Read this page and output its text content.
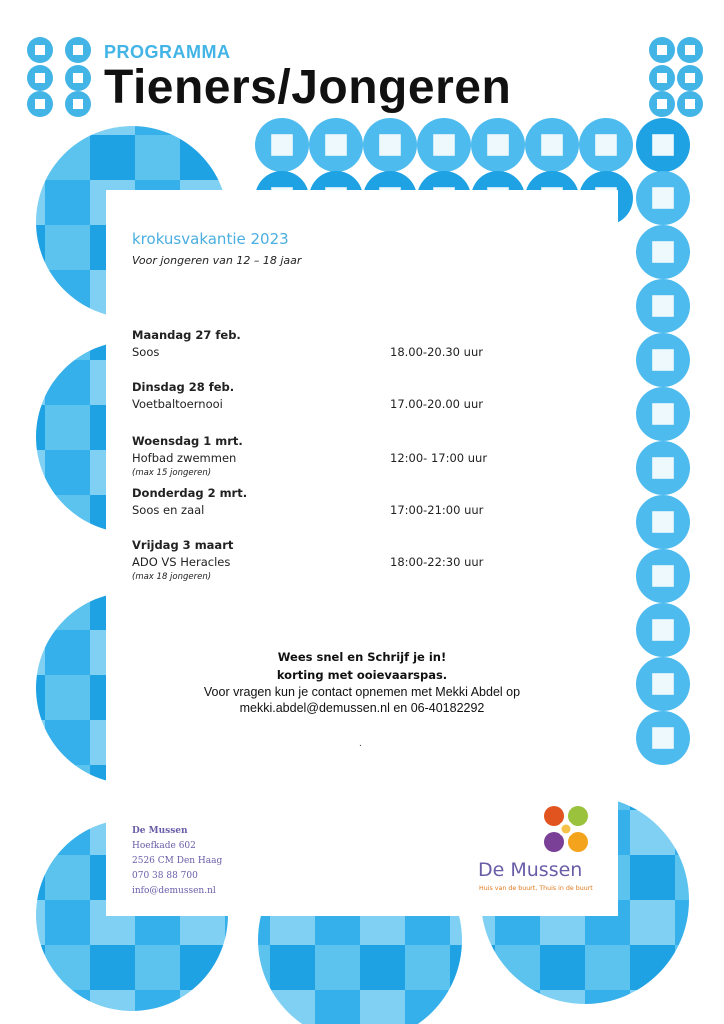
PROGRAMMA
Tieners/Jongeren
krokusvakantie 2023
Voor jongeren van 12 – 18 jaar
Maandag 27 feb.
Soos	18.00-20.30 uur
Dinsdag 28 feb.
Voetbaltoernooi	17.00-20.00 uur
Woensdag 1 mrt.
Hofbad zwemmen	12:00- 17:00 uur
(max 15 jongeren)
Donderdag 2 mrt.
Soos en zaal	17:00-21:00 uur
Vrijdag 3 maart
ADO VS Heracles	18:00-22:30 uur
(max 18 jongeren)
Wees snel en Schrijf je in!
korting met ooievaarspas.
Voor vragen kun je contact opnemen met Mekki Abdel op
mekki.abdel@demussen.nl en 06-40182292
.
De Mussen
Hoefkade 602
2526 CM Den Haag
070 38 88 700
info@demussen.nl
De Mussen
Huis van de buurt, Thuis in de buurt
